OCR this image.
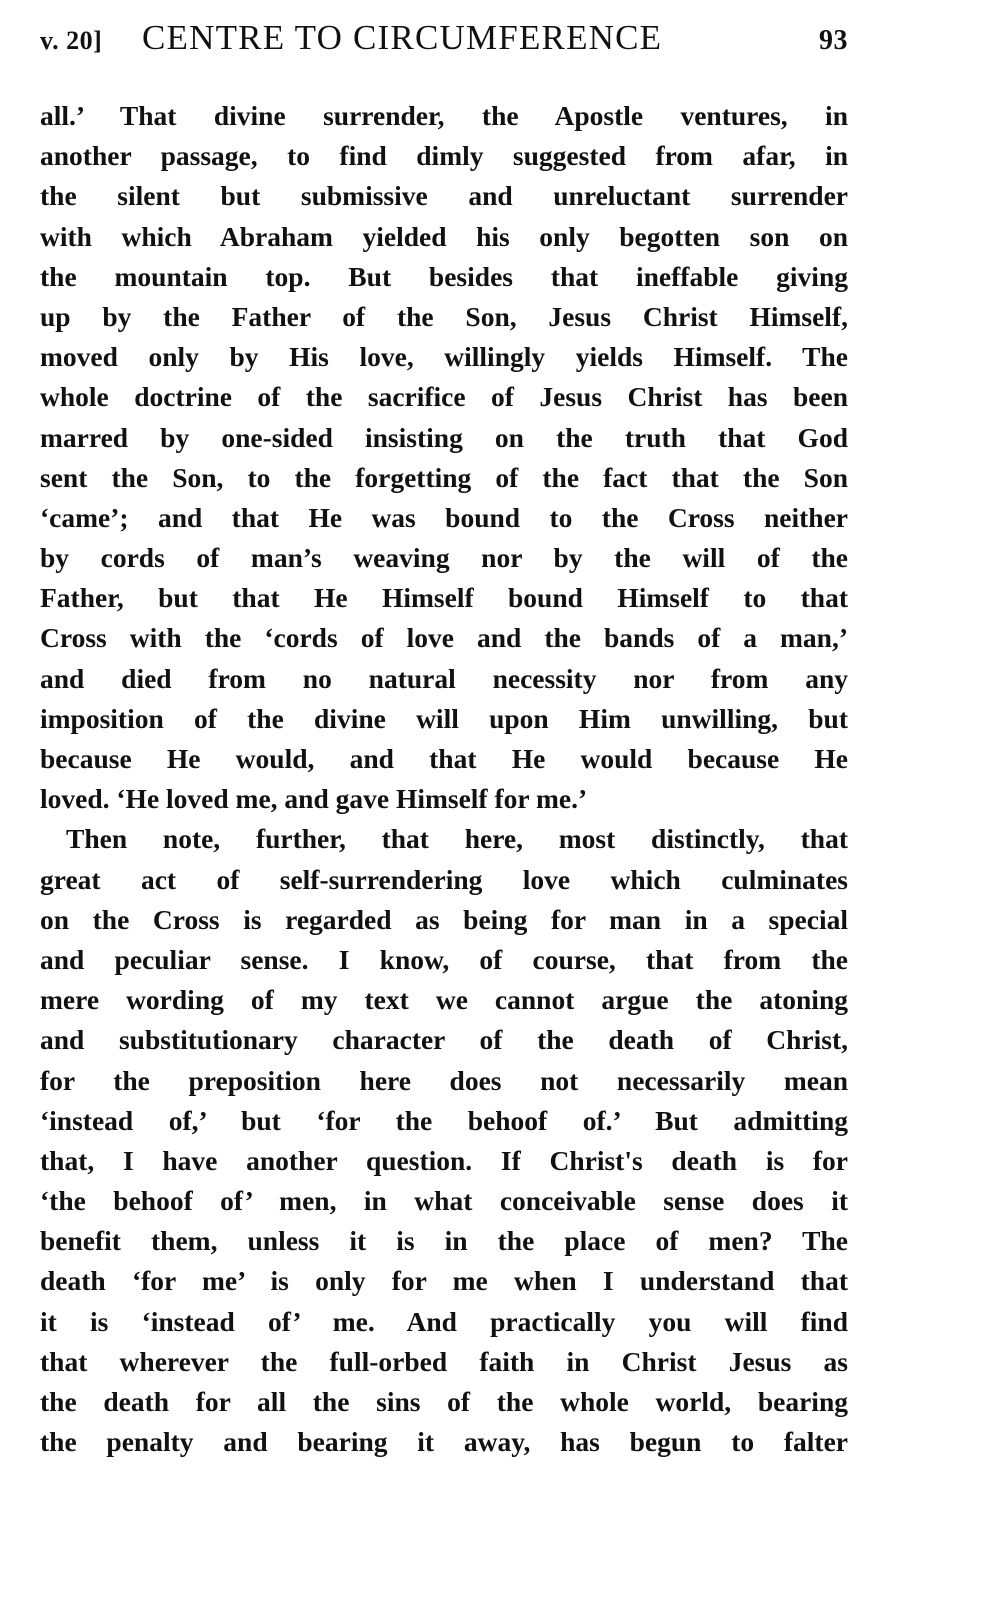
v. 20]	CENTRE TO CIRCUMFERENCE	93
all.’ That divine surrender, the Apostle ventures, in
another passage, to find dimly suggested from afar, in
the silent but submissive and unreluctant surrender
with which Abraham yielded his only begotten son on
the mountain top. But besides that ineffable giving
up by the Father of the Son, Jesus Christ Himself,
moved only by His love, willingly yields Himself. The
whole doctrine of the sacrifice of Jesus Christ has been
marred by one-sided insisting on the truth that God
sent the Son, to the forgetting of the fact that the Son
‘came’; and that He was bound to the Cross neither
by cords of man’s weaving nor by the will of the
Father, but that He Himself bound Himself to that
Cross with the ‘cords of love and the bands of a man,’
and died from no natural necessity nor from any
imposition of the divine will upon Him unwilling, but
because He would, and that He would because He
loved. ‘He loved me, and gave Himself for me.’
Then note, further, that here, most distinctly, that
great act of self-surrendering love which culminates
on the Cross is regarded as being for man in a special
and peculiar sense. I know, of course, that from the
mere wording of my text we cannot argue the atoning
and substitutionary character of the death of Christ,
for the preposition here does not necessarily mean
‘instead of,’ but ‘for the behoof of.’ But admitting
that, I have another question. If Christ's death is for
‘the behoof of’ men, in what conceivable sense does it
benefit them, unless it is in the place of men? The
death ‘for me’ is only for me when I understand that
it is ‘instead of’ me. And practically you will find
that wherever the full-orbed faith in Christ Jesus as
the death for all the sins of the whole world, bearing
the penalty and bearing it away, has begun to falter
